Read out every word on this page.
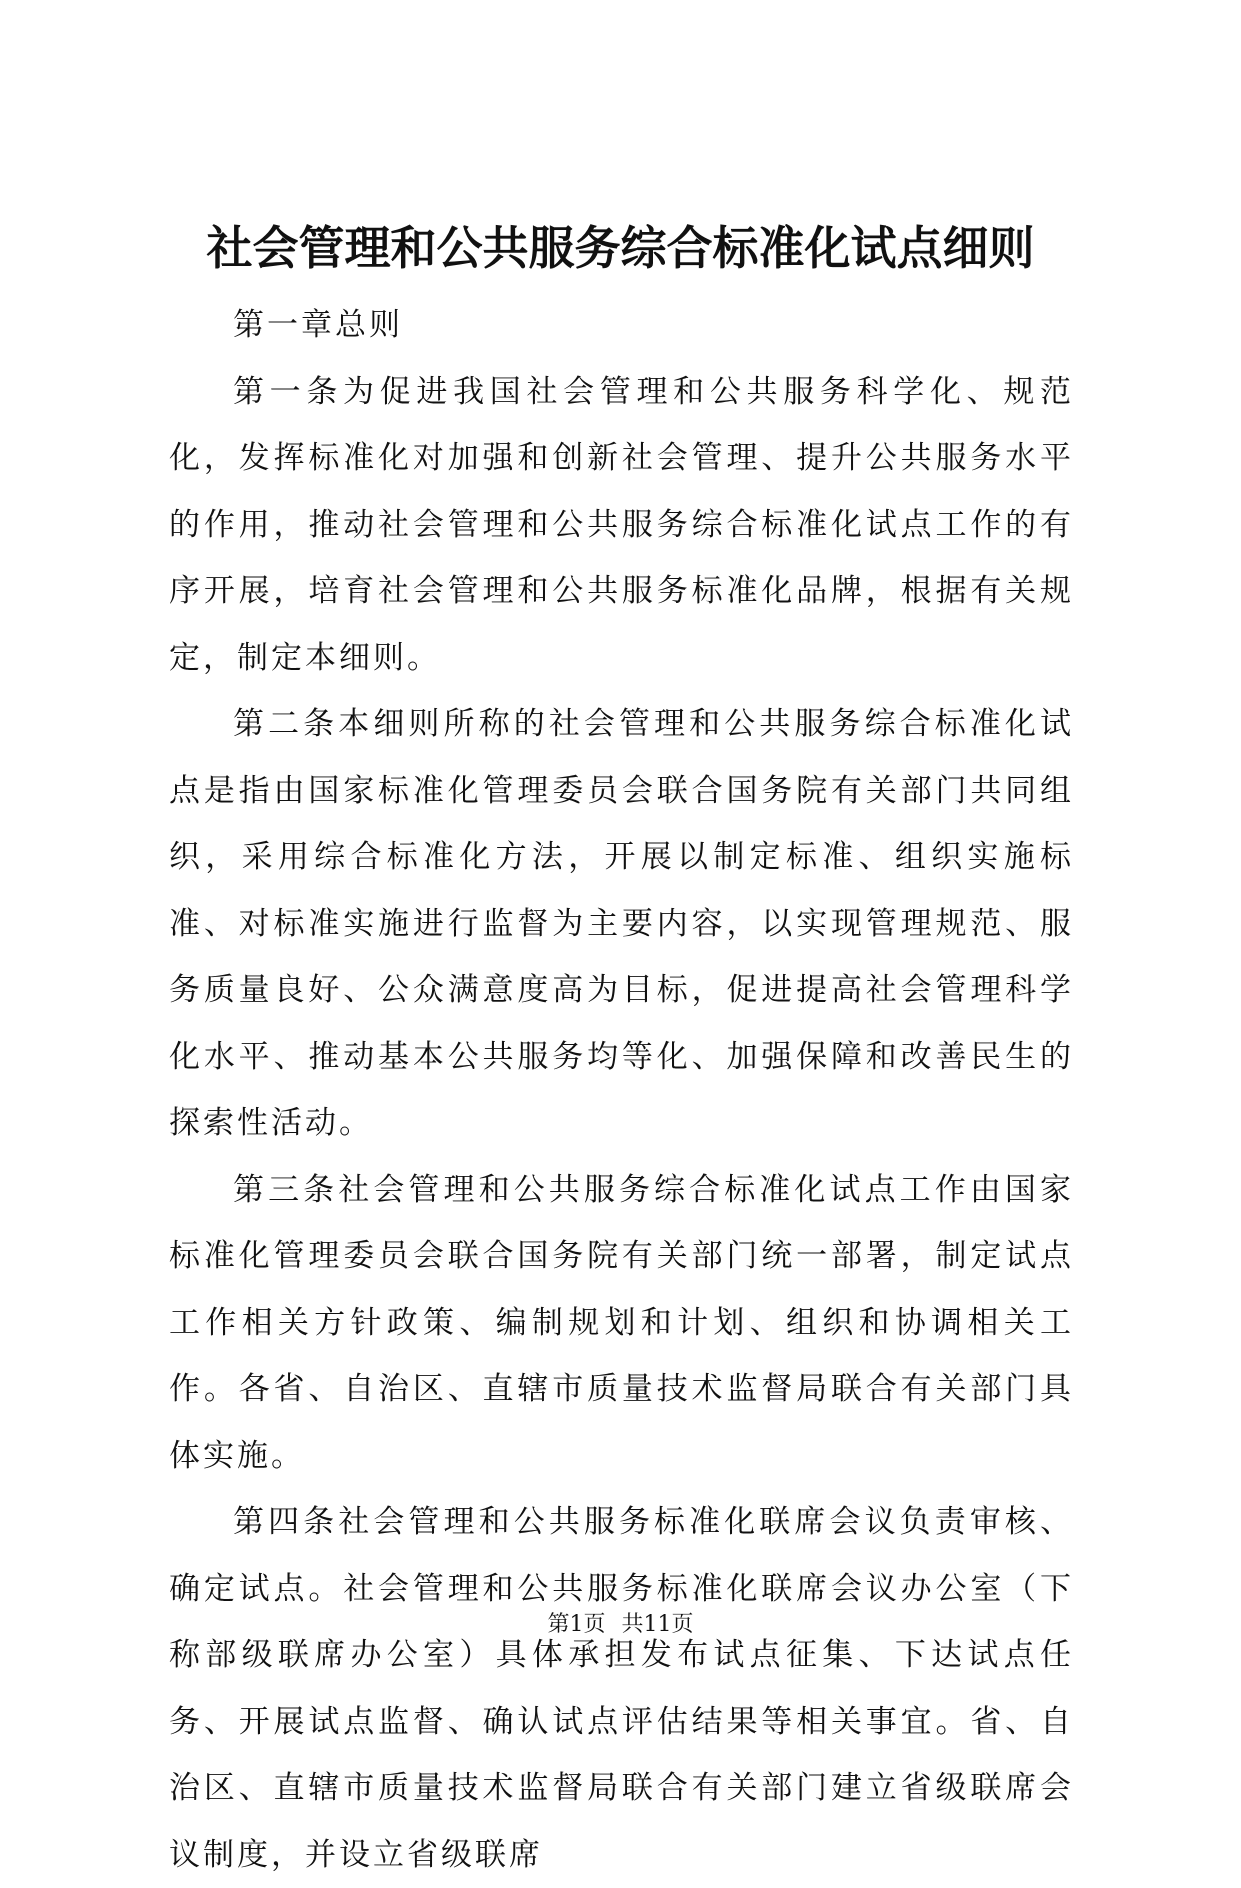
社会管理和公共服务综合标准化试点细则

第一章总则

第一条为促进我国社会管理和公共服务科学化、规范化，发挥标准化对加强和创新社会管理、提升公共服务水平的作用，推动社会管理和公共服务综合标准化试点工作的有序开展，培育社会管理和公共服务标准化品牌，根据有关规定，制定本细则。

第二条本细则所称的社会管理和公共服务综合标准化试点是指由国家标准化管理委员会联合国务院有关部门共同组织，采用综合标准化方法，开展以制定标准、组织实施标准、对标准实施进行监督为主要内容，以实现管理规范、服务质量良好、公众满意度高为目标，促进提高社会管理科学化水平、推动基本公共服务均等化、加强保障和改善民生的探索性活动。

第三条社会管理和公共服务综合标准化试点工作由国家标准化管理委员会联合国务院有关部门统一部署，制定试点工作相关方针政策、编制规划和计划、组织和协调相关工作。各省、自治区、直辖市质量技术监督局联合有关部门具体实施。

第四条社会管理和公共服务标准化联席会议负责审核、确定试点。社会管理和公共服务标准化联席会议办公室（下称部级联席办公室）具体承担发布试点征集、下达试点任务、开展试点监督、确认试点评估结果等相关事宜。省、自治区、直辖市质量技术监督局联合有关部门建立省级联席会议制度，并设立省级联席

第1页 共11页
